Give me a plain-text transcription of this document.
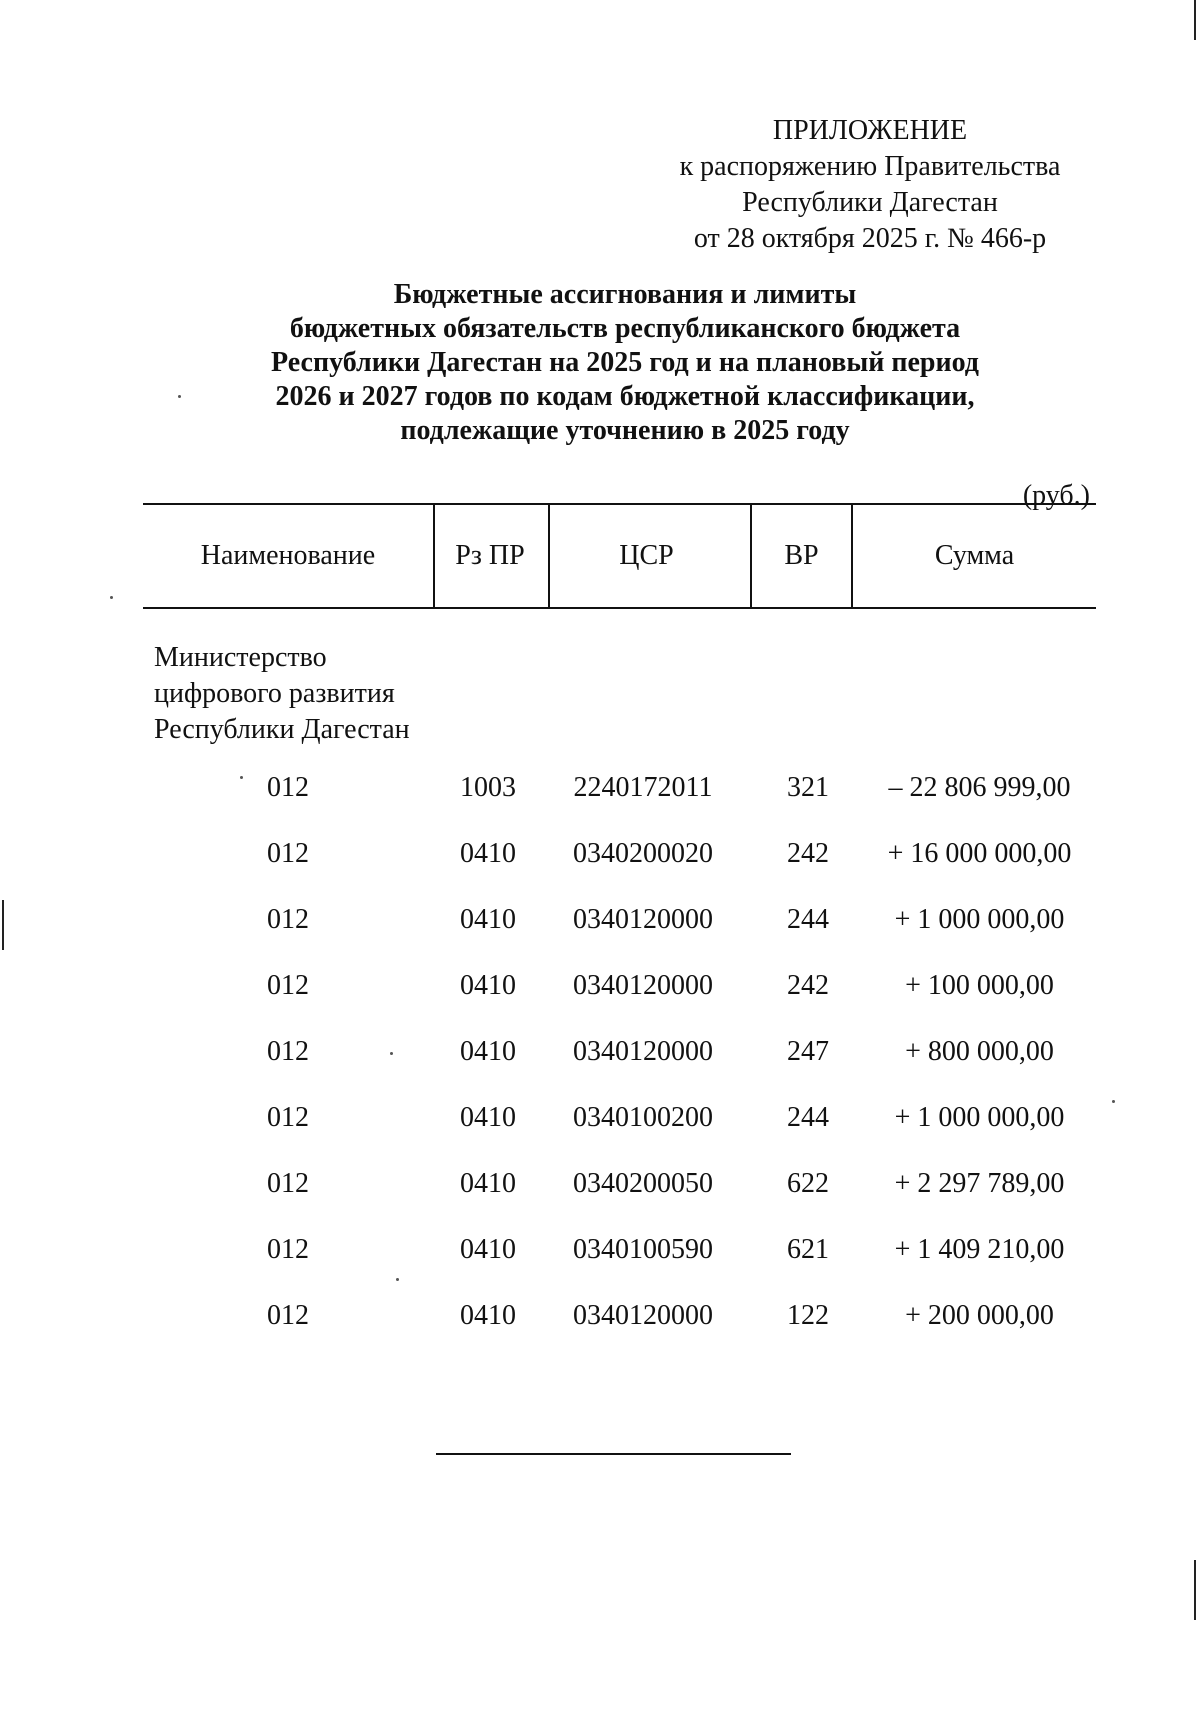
ПРИЛОЖЕНИЕ
к распоряжению Правительства
Республики Дагестан
от 28 октября 2025 г. № 466-р
Бюджетные ассигнования и лимиты
бюджетных обязательств республиканского бюджета
Республики Дагестан на 2025 год и на плановый период
2026 и 2027 годов по кодам бюджетной классификации,
подлежащие уточнению в 2025 году
(руб.)
Наименование	Рз ПР	ЦСР	ВР	Сумма
Министерство
цифрового развития
Республики Дагестан
012	1003	2240172011	321	– 22 806 999,00
012	0410	0340200020	242	+ 16 000 000,00
012	0410	0340120000	244	+ 1 000 000,00
012	0410	0340120000	242	+ 100 000,00
012	0410	0340120000	247	+ 800 000,00
012	0410	0340100200	244	+ 1 000 000,00
012	0410	0340200050	622	+ 2 297 789,00
012	0410	0340100590	621	+ 1 409 210,00
012	0410	0340120000	122	+ 200 000,00
